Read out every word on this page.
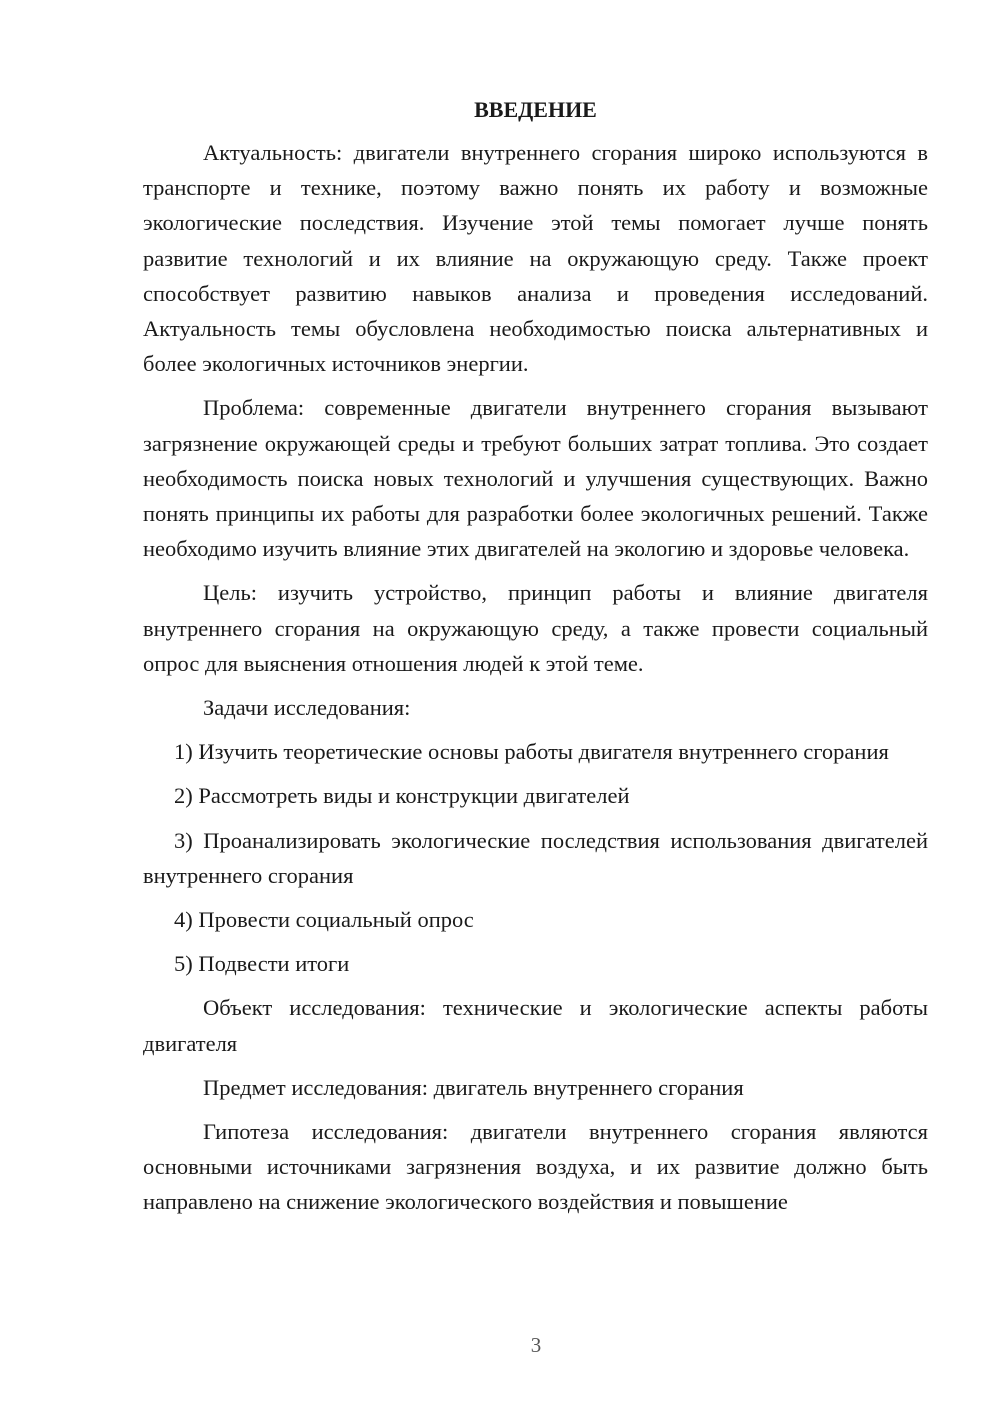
ВВЕДЕНИЕ

Актуальность: двигатели внутреннего сгорания широко используются в транспорте и технике, поэтому важно понять их работу и возможные экологические последствия. Изучение этой темы помогает лучше понять развитие технологий и их влияние на окружающую среду. Также проект способствует развитию навыков анализа и проведения исследований. Актуальность темы обусловлена необходимостью поиска альтернативных и более экологичных источников энергии.

Проблема: современные двигатели внутреннего сгорания вызывают загрязнение окружающей среды и требуют больших затрат топлива. Это создает необходимость поиска новых технологий и улучшения существующих. Важно понять принципы их работы для разработки более экологичных решений. Также необходимо изучить влияние этих двигателей на экологию и здоровье человека.

Цель: изучить устройство, принцип работы и влияние двигателя внутреннего сгорания на окружающую среду, а также провести социальный опрос для выяснения отношения людей к этой теме.

Задачи исследования:

1) Изучить теоретические основы работы двигателя внутреннего сгорания

2) Рассмотреть виды и конструкции двигателей

3) Проанализировать экологические последствия использования двигателей внутреннего сгорания

4) Провести социальный опрос

5) Подвести итоги

Объект исследования: технические и экологические аспекты работы двигателя

Предмет исследования: двигатель внутреннего сгорания

Гипотеза исследования: двигатели внутреннего сгорания являются основными источниками загрязнения воздуха, и их развитие должно быть направлено на снижение экологического воздействия и повышение

3
